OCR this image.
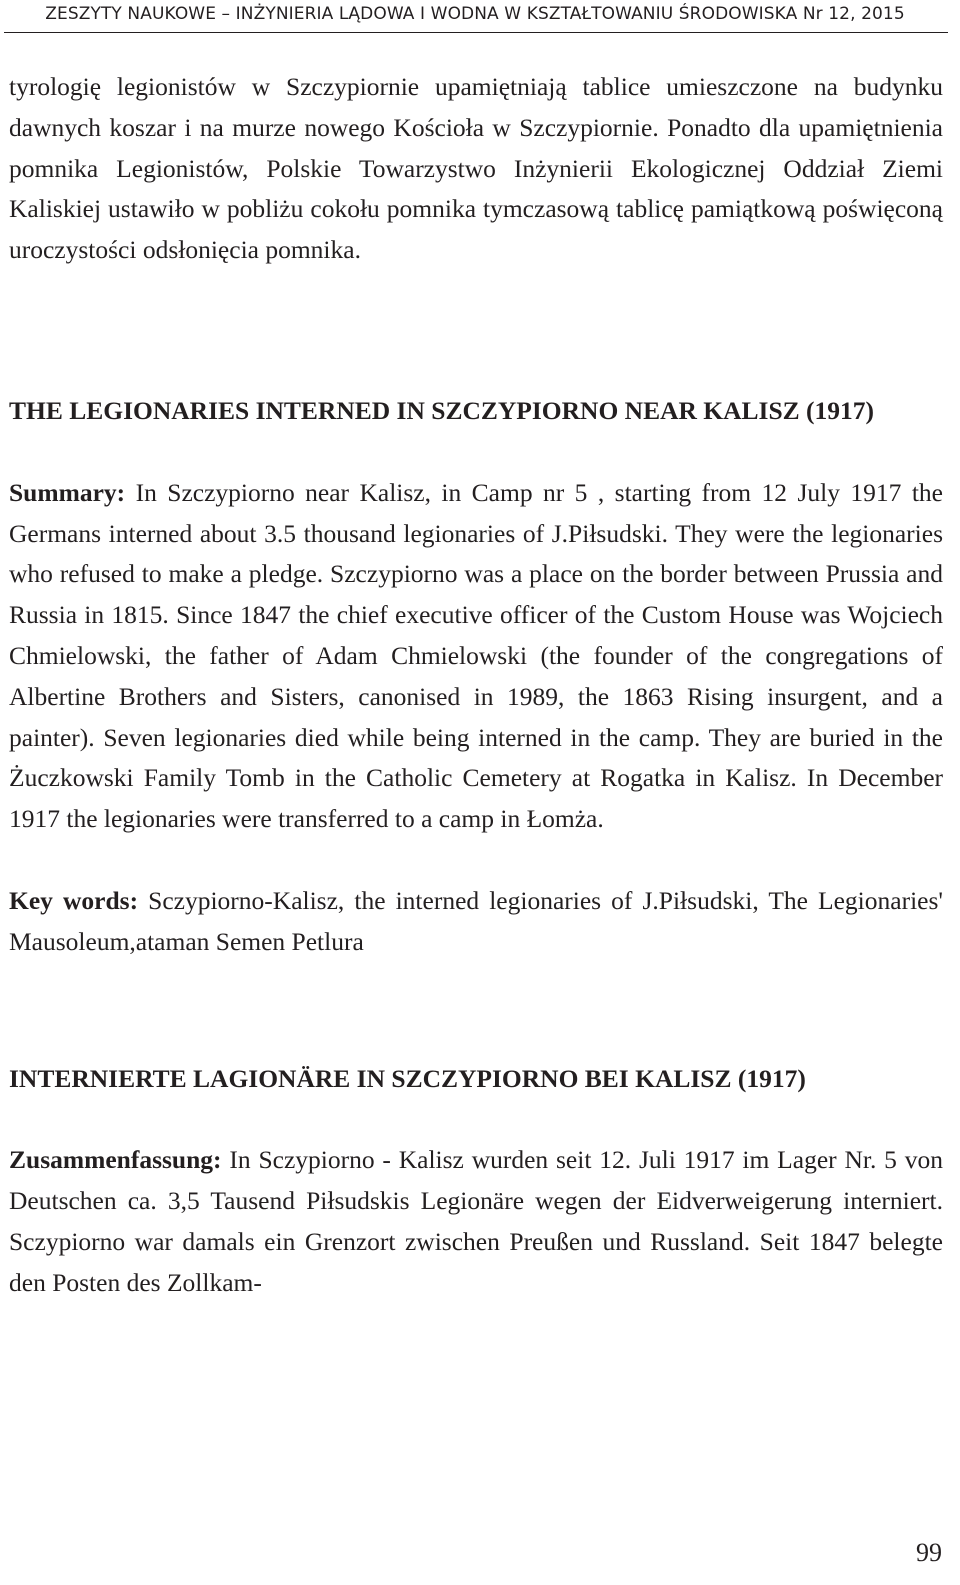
ZESZYTY NAUKOWE – INŻYNIERIA LĄDOWA I WODNA W KSZTAŁTOWANIU ŚRODOWISKA Nr 12, 2015

tyrologię legionistów w Szczypiornie upamiętniają tablice umieszczone na budynku dawnych koszar i na murze nowego Kościoła w Szczypiornie. Ponadto dla upamiętnienia pomnika Legionistów, Polskie Towarzystwo Inżynierii Ekologicznej Oddział Ziemi Kaliskiej ustawiło w pobliżu cokołu pomnika tymczasową tablicę pamiątkową poświęconą uroczystości odsłonięcia pomnika.

THE LEGIONARIES INTERNED IN SZCZYPIORNO NEAR KALISZ (1917)

Summary: In Szczypiorno near Kalisz, in Camp nr 5 , starting from 12 July 1917 the Germans interned about 3.5 thousand legionaries of J.Piłsudski. They were the legionaries who refused to make a pledge. Szczypiorno was a place on the border between Prussia and Russia in 1815. Since 1847 the chief executive officer of the Custom House was Wojciech Chmielowski, the father of Adam Chmielowski (the founder of the congregations of Albertine Brothers and Sisters, canonised in 1989, the 1863 Rising insurgent, and a painter). Seven legionaries died while being interned in the camp. They are buried in the Żuczkowski Family Tomb in the Catholic Cemetery at Rogatka in Kalisz. In December 1917 the legionaries were transferred to a camp in Łomża.

Key words: Sczypiorno-Kalisz, the interned legionaries of J.Piłsudski, The Legionaries' Mausoleum,ataman Semen Petlura

INTERNIERTE LAGIONÄRE IN SZCZYPIORNO BEI KALISZ (1917)

Zusammenfassung: In Sczypiorno - Kalisz wurden seit 12. Juli 1917 im Lager Nr. 5 von Deutschen ca. 3,5 Tausend Piłsudskis Legionäre wegen der Eidverweigerung interniert. Sczypiorno war damals ein Grenzort zwischen Preußen und Russland. Seit 1847 belegte den Posten des Zollkam-

99
